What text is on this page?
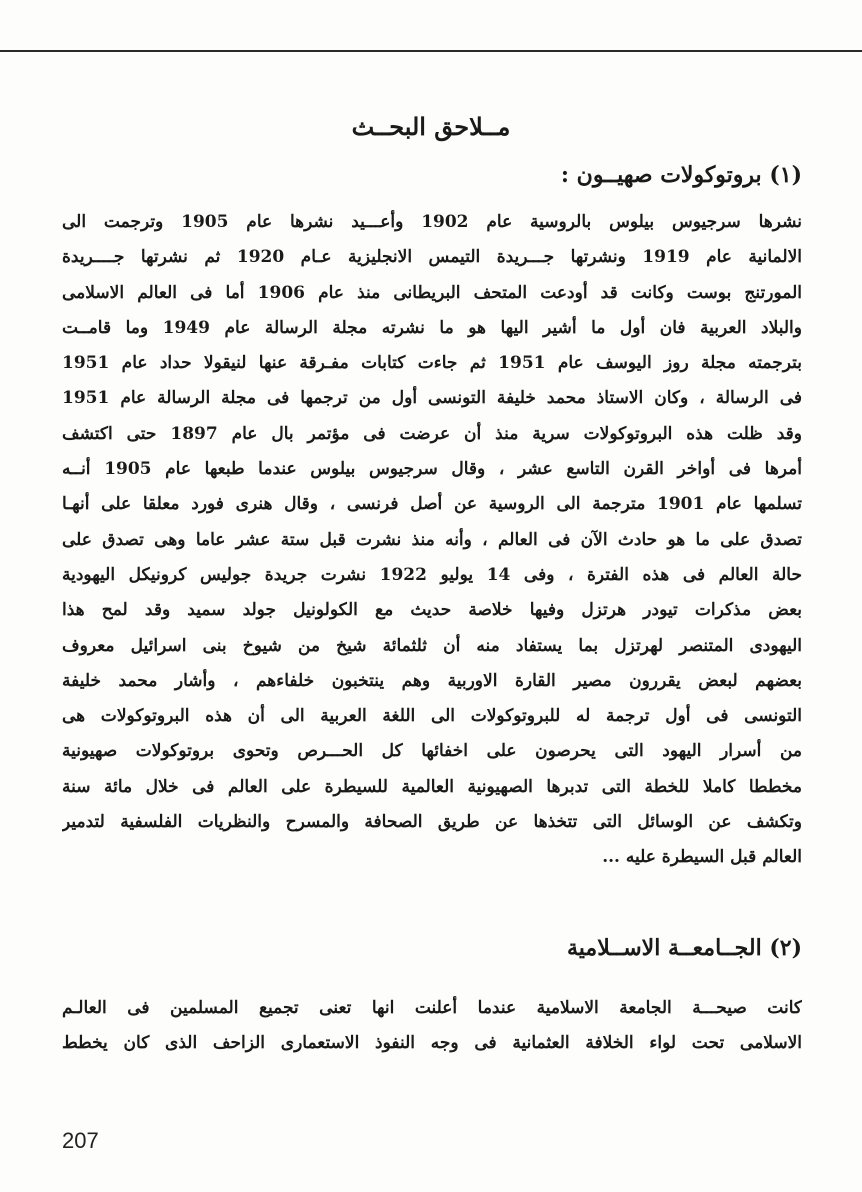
مــلاحق البحــث
(١) بروتوكولات صهيــون :
نشرها سرجيوس بيلوس بالروسية عام 1902 وأعـــيد نشرها عام 1905 وترجمت الى
الالمانية عام 1919 ونشرتها جـــريدة التيمس الانجليزية عـام 1920 ثم نشرتها جــــريدة
المورتنج بوست وكانت قد أودعت المتحف البريطانى منذ عام 1906 أما فى العالم الاسلامى
والبلاد العربية فان أول ما أشير اليها هو ما نشرته مجلة الرسالة عام 1949 وما قامــت
بترجمته مجلة روز اليوسف عام 1951 ثم جاءت كتابات مفـرقة عنها لنيقولا حداد عام 1951
فى الرسالة ، وكان الاستاذ محمد خليفة التونسى أول من ترجمها فى مجلة الرسالة عام 1951
وقد ظلت هذه البروتوكولات سرية منذ أن عرضت فى مؤتمر بال عام 1897 حتى اكتشف
أمرها فى أواخر القرن التاسع عشر ، وقال سرجيوس بيلوس عندما طبعها عام 1905 أنــه
تسلمها عام 1901 مترجمة الى الروسية عن أصل فرنسى ، وقال هنرى فورد معلقا على أنهـا
تصدق على ما هو حادث الآن فى العالم ، وأنه منذ نشرت قبل ستة عشر عاما وهى تصدق على
حالة العالم فى هذه الفترة ، وفى 14 يوليو 1922 نشرت جريدة جوليس كرونيكل اليهودية
بعض مذكرات تيودر هرتزل وفيها خلاصة حديث مع الكولونيل جولد سميد وقد لمح هذا
اليهودى المتنصر لهرتزل بما يستفاد منه أن ثلثمائة شيخ من شيوخ بنى اسرائيل معروف
بعضهم لبعض يقررون مصير القارة الاوربية وهم ينتخبون خلفاءهم ، وأشار محمد خليفة
التونسى فى أول ترجمة له للبروتوكولات الى اللغة العربية الى أن هذه البروتوكولات هى
من أسرار اليهود التى يحرصون على اخفائها كل الحـــرص وتحوى بروتوكولات صهيونية
مخططا كاملا للخطة التى تدبرها الصهيونية العالمية للسيطرة على العالم فى خلال مائة سنة
وتكشف عن الوسائل التى تتخذها عن طريق الصحافة والمسرح والنظريات الفلسفية لتدمير
العالم قبل السيطرة عليه ...
(٢) الجــامعــة الاســلامية
كانت صيحـــة الجامعة الاسلامية عندما أعلنت انها تعنى تجميع المسلمين فى العالـم
الاسلامى تحت لواء الخلافة العثمانية فى وجه النفوذ الاستعمارى الزاحف الذى كان يخطط
207
